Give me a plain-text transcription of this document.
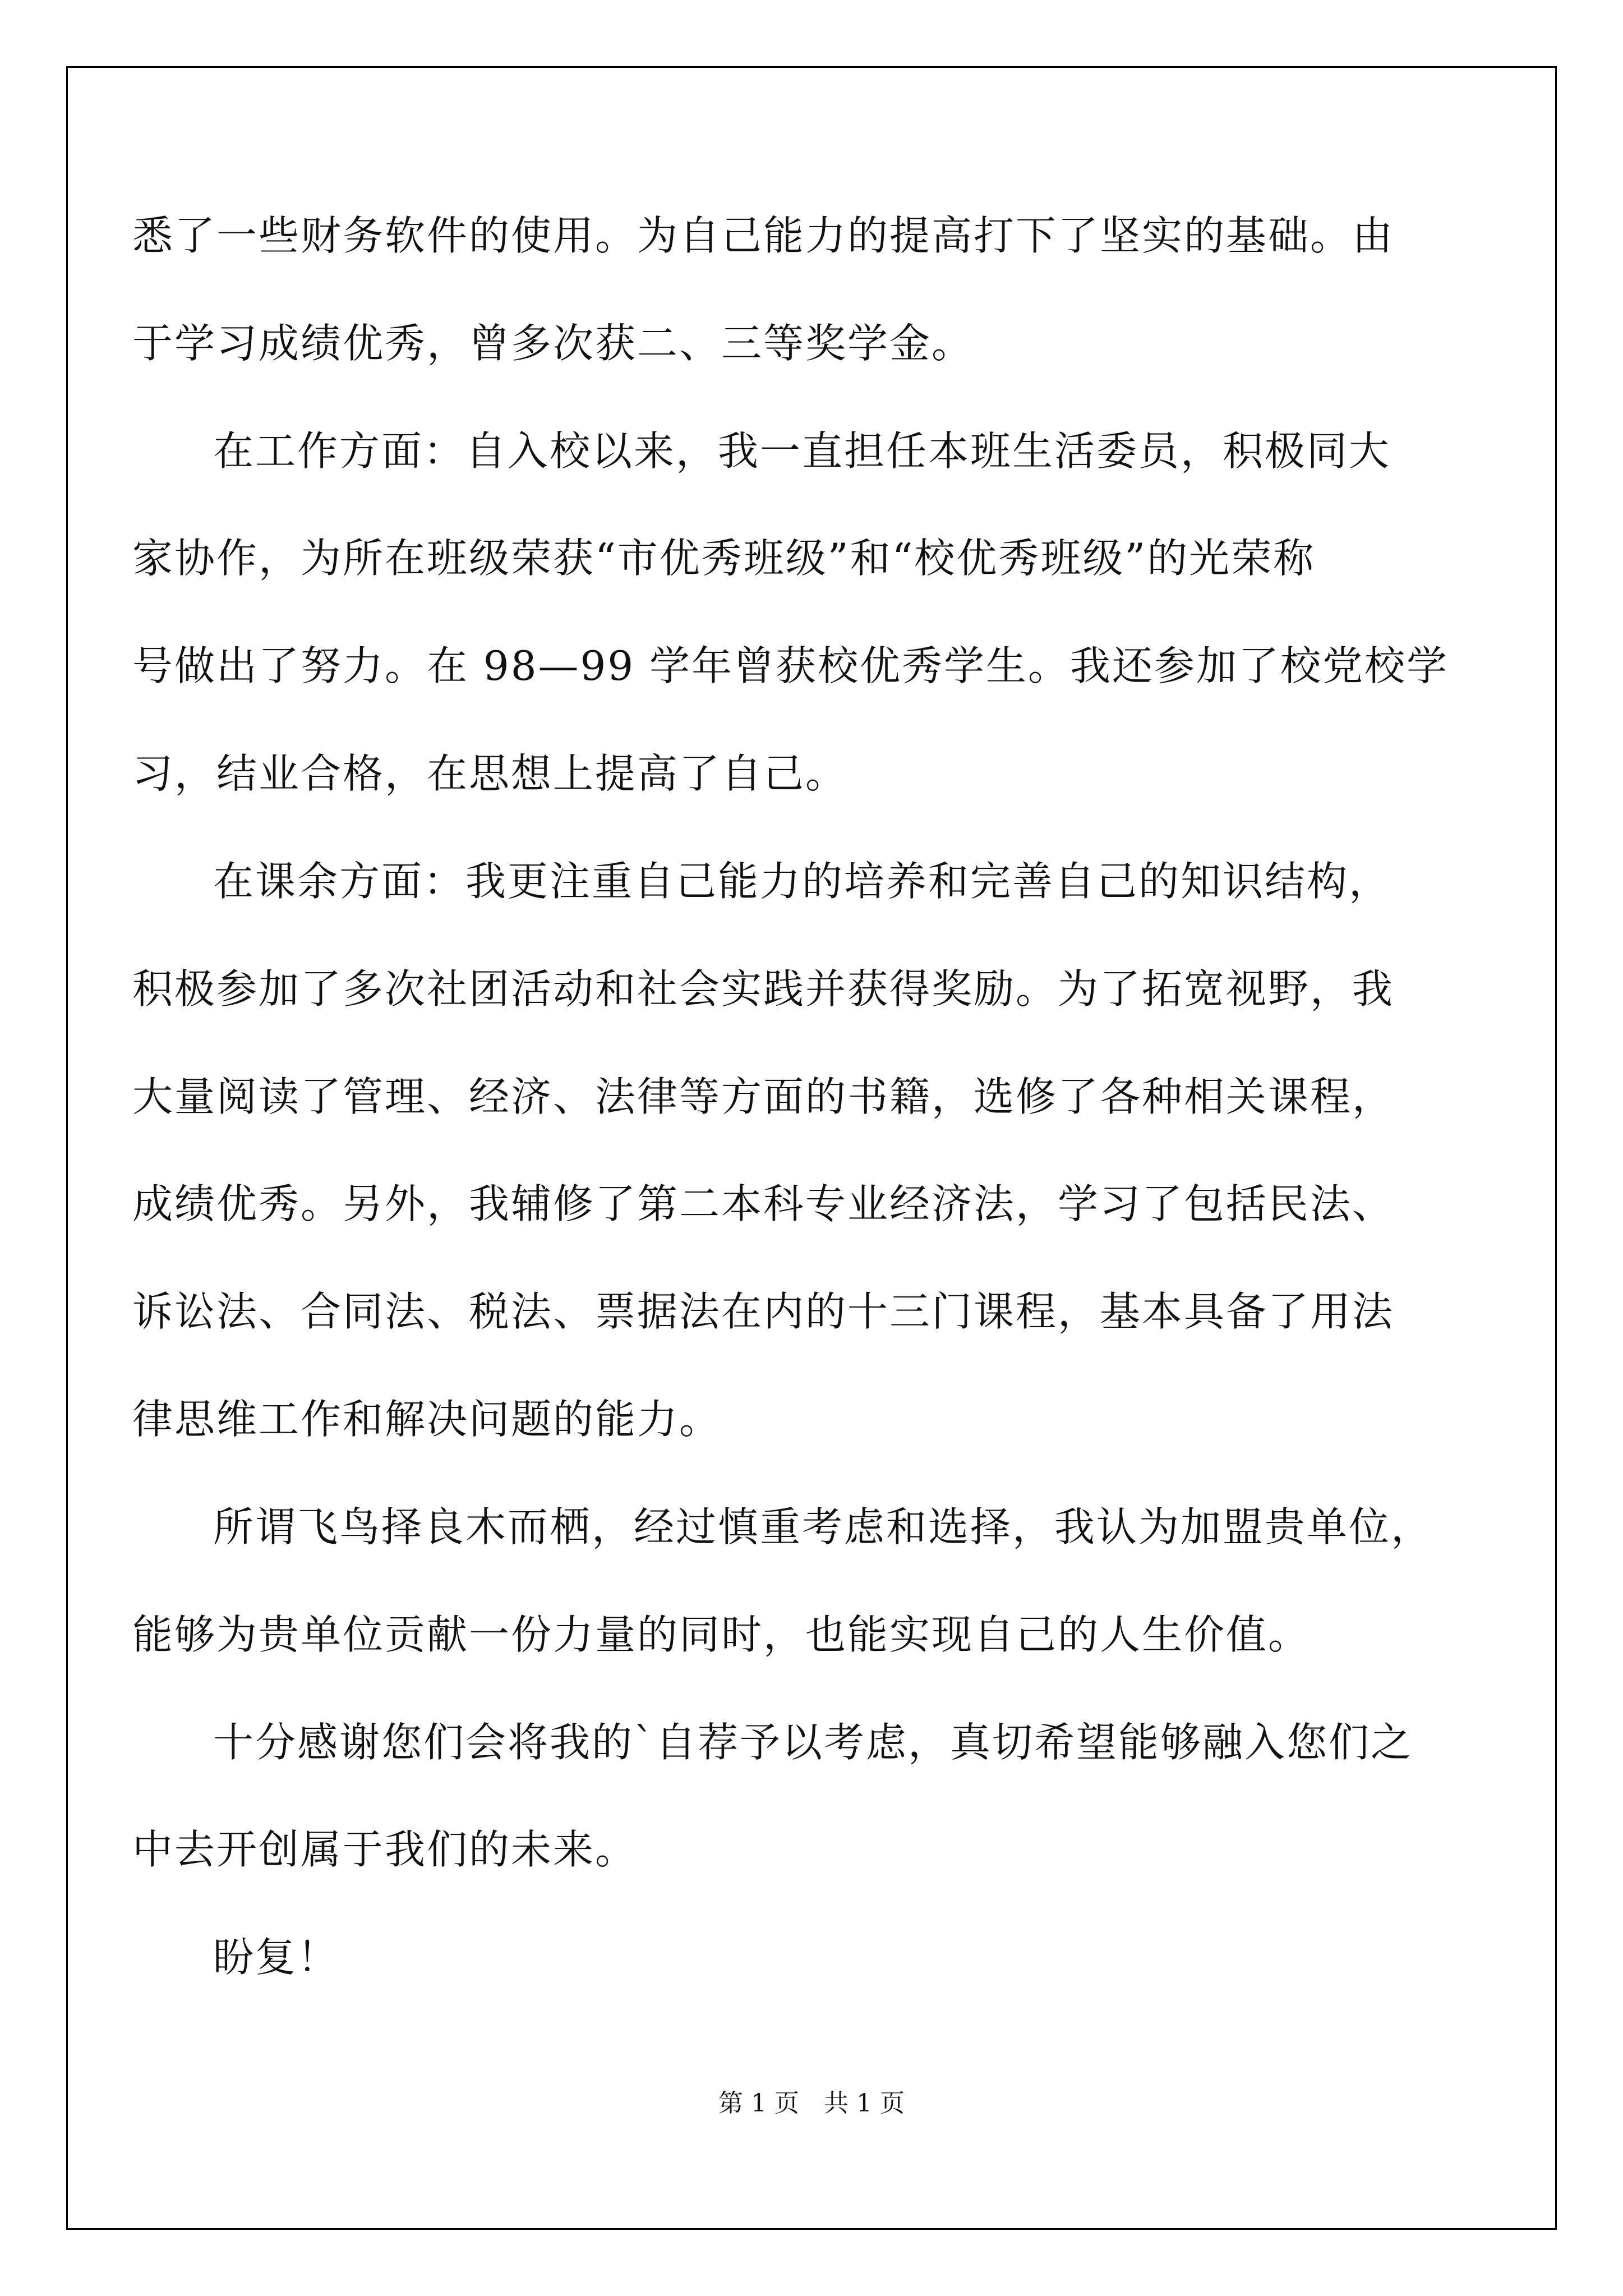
悉了一些财务软件的使用。为自己能力的提高打下了坚实的基础。由
于学习成绩优秀，曾多次获二、三等奖学金。
在工作方面：自入校以来，我一直担任本班生活委员，积极同大
家协作，为所在班级荣获“市优秀班级”和“校优秀班级”的光荣称
号做出了努力。在 98—99 学年曾获校优秀学生。我还参加了校党校学
习，结业合格，在思想上提高了自己。
在课余方面：我更注重自己能力的培养和完善自己的知识结构，
积极参加了多次社团活动和社会实践并获得奖励。为了拓宽视野，我
大量阅读了管理、经济、法律等方面的书籍，选修了各种相关课程，
成绩优秀。另外，我辅修了第二本科专业经济法，学习了包括民法、
诉讼法、合同法、税法、票据法在内的十三门课程，基本具备了用法
律思维工作和解决问题的能力。
所谓飞鸟择良木而栖，经过慎重考虑和选择，我认为加盟贵单位，
能够为贵单位贡献一份力量的同时，也能实现自己的人生价值。
十分感谢您们会将我的`自荐予以考虑，真切希望能够融入您们之
中去开创属于我们的未来。
盼复！
第 1 页　共 1 页
